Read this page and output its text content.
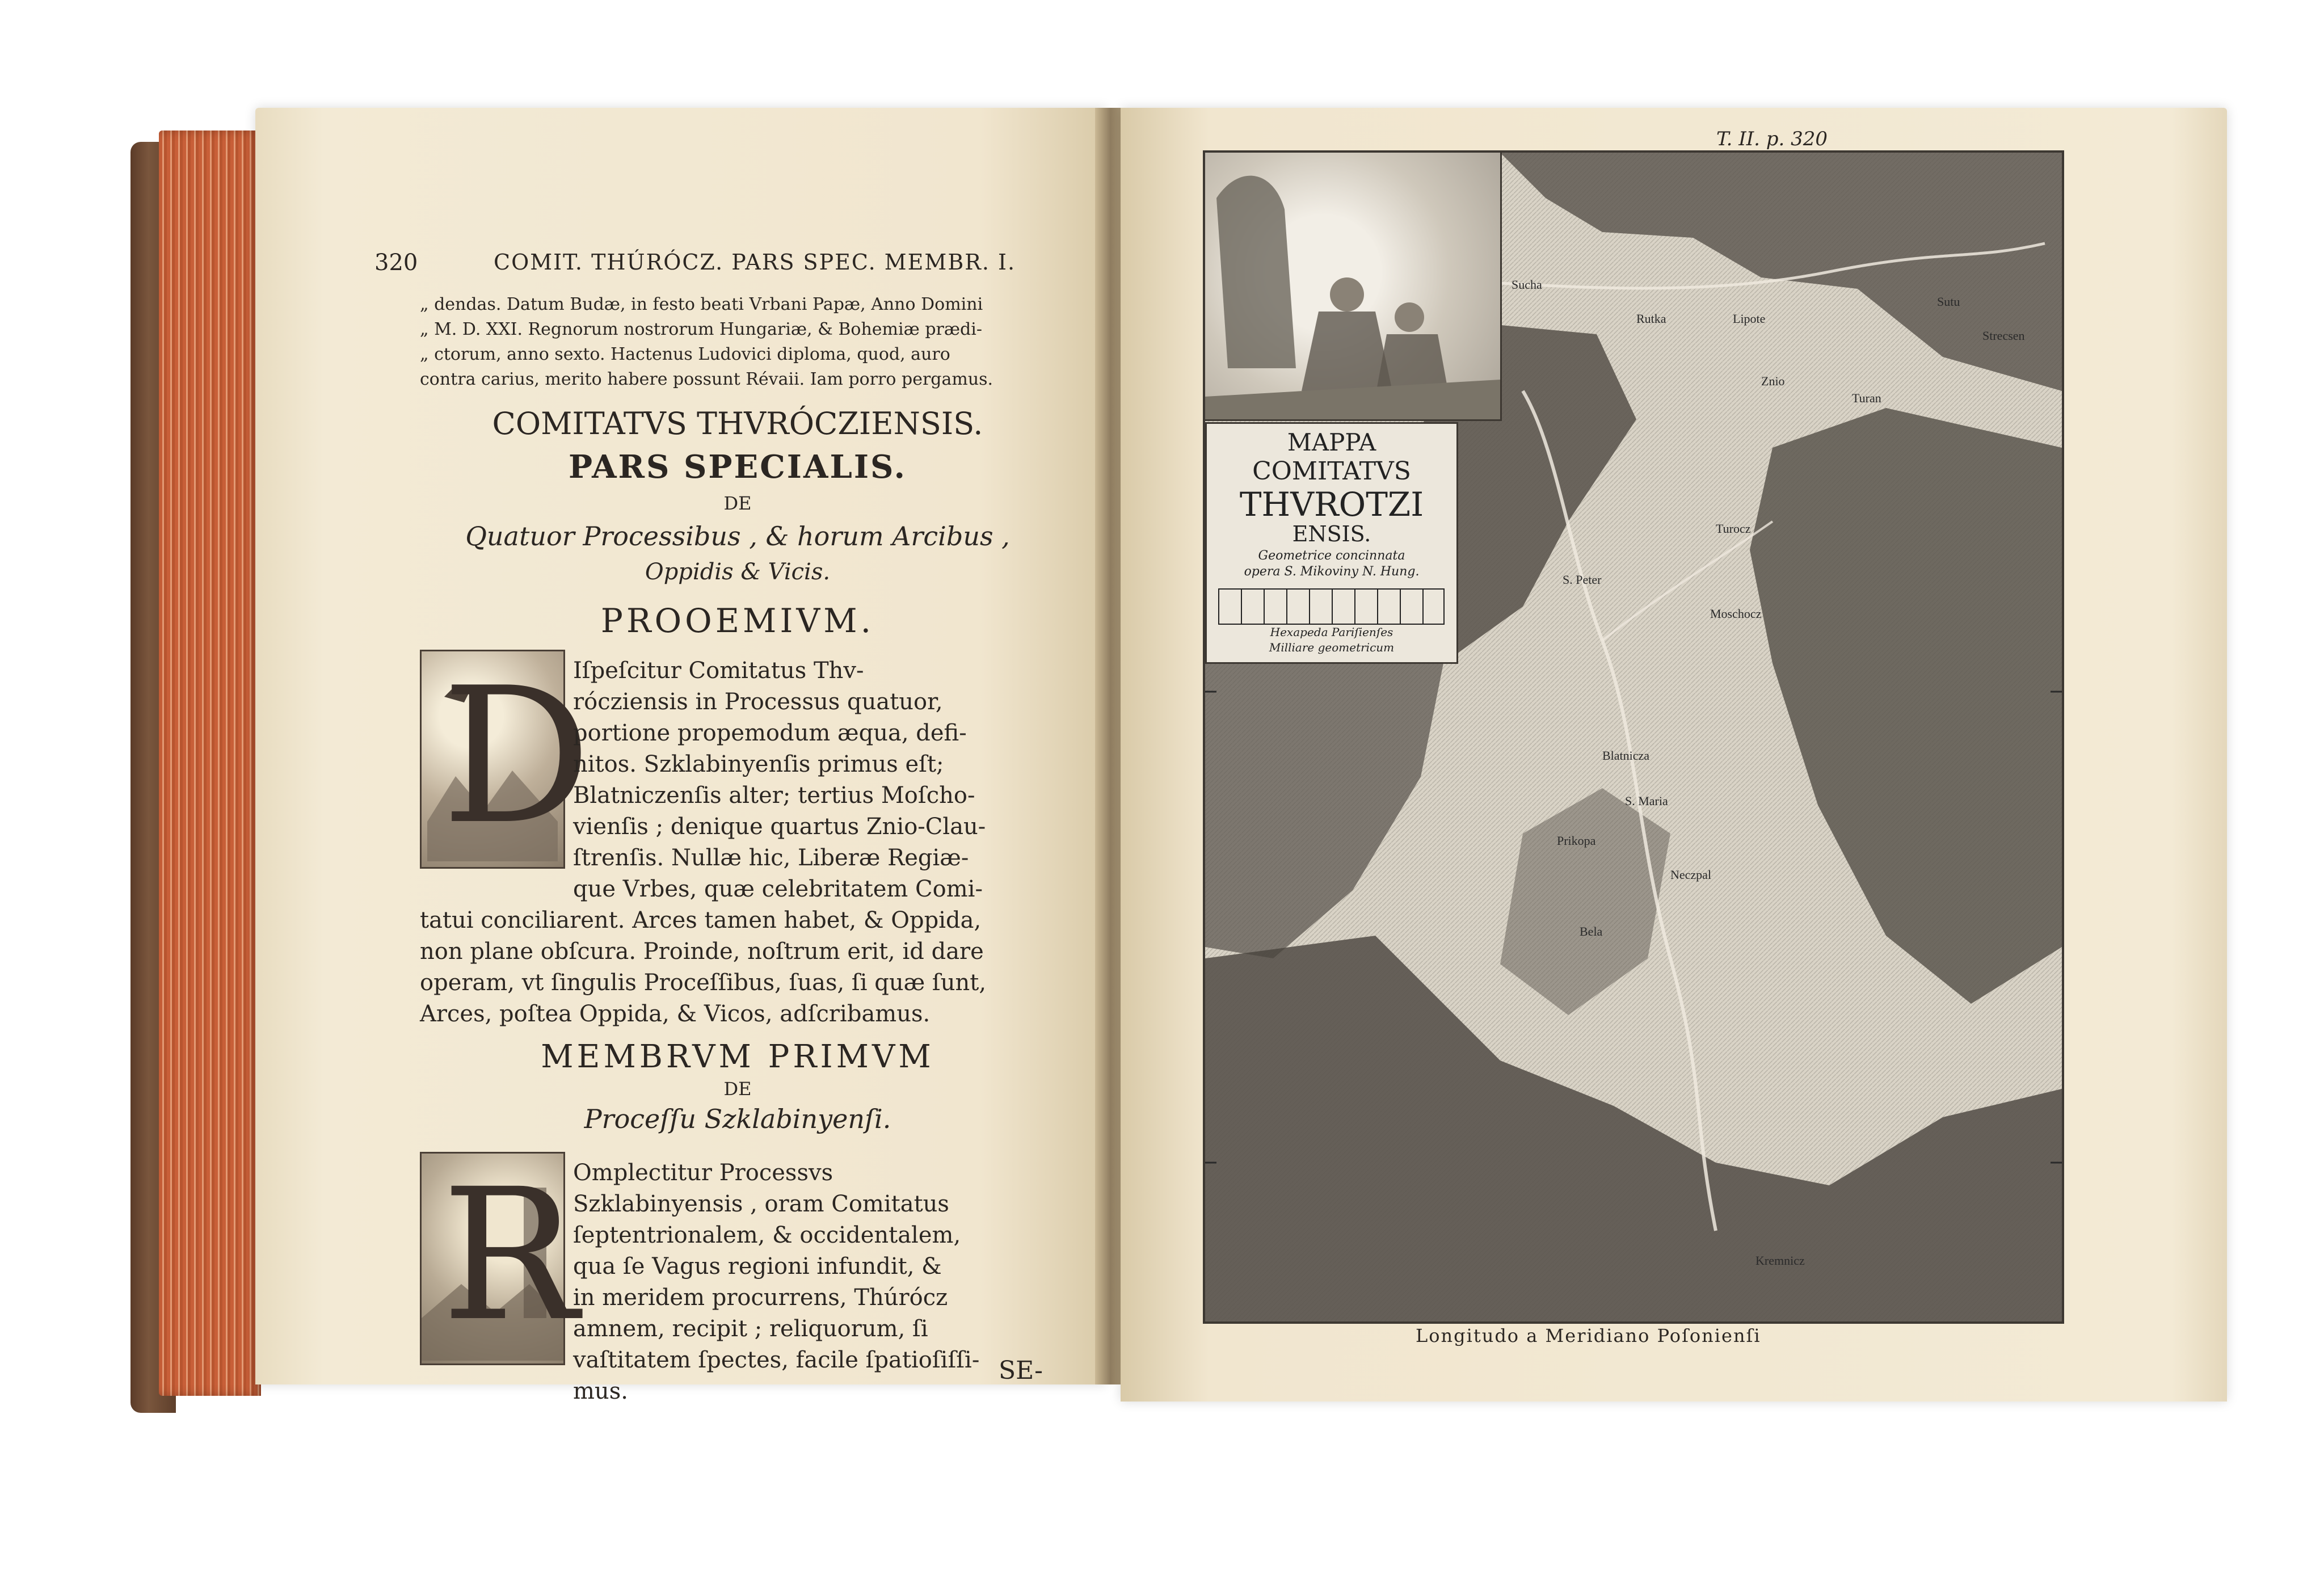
320	COMIT. THÚRÓCZ. PARS SPEC. MEMBR. I.
„ dendas. Datum Budæ, in festo beati Vrbani Papæ, Anno Domini
„ M. D. XXI. Regnorum nostrorum Hungariæ, & Bohemiæ prædi-
„ ctorum, anno sexto. Hactenus Ludovici diploma, quod, auro
contra carius, merito habere possunt Révaii. Iam porro pergamus.
COMITATVS THVRÓCZIENSIS.
PARS SPECIALIS.
DE
Quatuor Processibus , & horum Arcibus ,
Oppidis & Vicis.
PROOEMIVM.
D
Iſpeſcitur Comitatus Thv-
rócziensis in Processus quatuor,
portione propemodum æqua, defi-
nitos. Szklabinyenſis primus eſt;
Blatniczenſis alter; tertius Moſcho-
vienſis ; denique quartus Znio-Clau-
ſtrenſis. Nullæ hic, Liberæ Regiæ-
que Vrbes, quæ celebritatem Comi-
tatui conciliarent. Arces tamen habet, & Oppida,
non plane obſcura. Proinde, noſtrum erit, id dare
operam, vt ſingulis Proceſſibus, ſuas, ſi quæ ſunt,
Arces, poſtea Oppida, & Vicos, adſcribamus.
MEMBRVM PRIMVM
DE
Proceſſu Szklabinyenſi.
R
Omplectitur Processvs
Szklabinyensis , oram Comitatus
ſeptentrionalem, & occidentalem,
qua ſe Vagus regioni infundit, &
in meridem procurrens, Thúrócz
amnem, recipit ; reliquorum, ſi
vaſtitatem ſpectes, facile ſpatioſiſſi-
mus.
SE-
T. II. p. 320
MAPPA
COMITATVS
THVROTZI
ENSIS.
Geometrice concinnata
opera S. Mikoviny N. Hung.
Hexapeda Pariſienſes
Milliare geometricum
Sucha
Rutka	Lipote
Sutu
Strecsen
Znio
Turan
S. Peter
Moschocz
Blatnicza
Prikopa
Kremnicz
S. Maria
Neczpal
Turocz
Bela
Longitudo a Meridiano Poſonienſi
